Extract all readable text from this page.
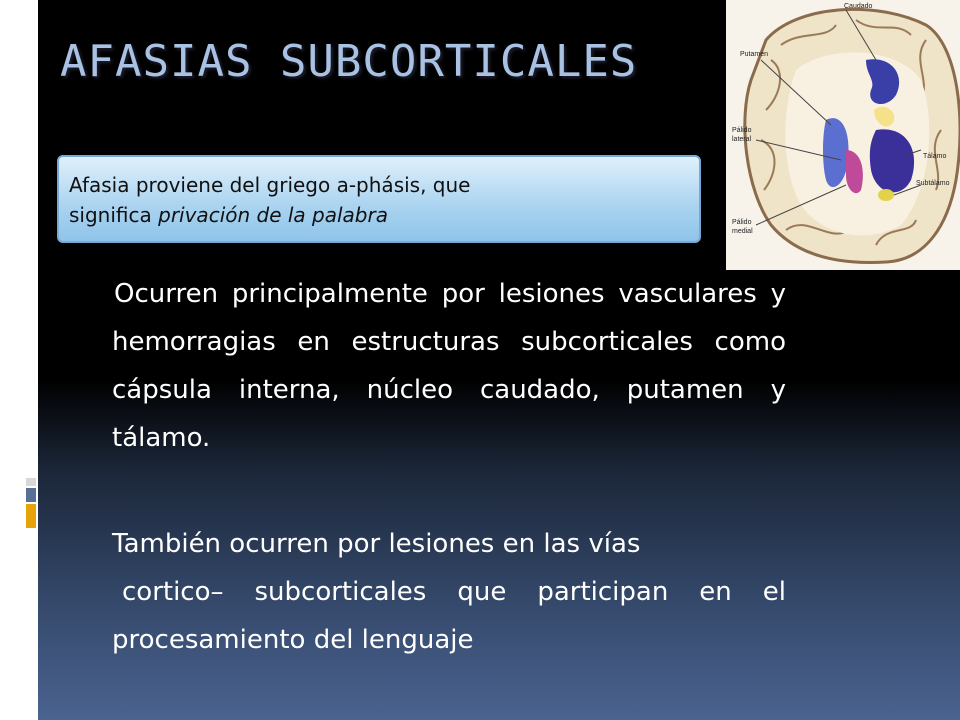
AFASIAS SUBCORTICALES
Afasia proviene del griego a-phásis, que
significa privación de la palabra
Caudado
Putamen
Pálido
lateral
Tálamo
Subtálamo
Pálido
medial

Ocurren principalmente por lesiones vasculares y hemorragias en estructuras subcorticales como cápsula interna, núcleo caudado, putamen y tálamo.

También ocurren por lesiones en las vías

cortico– subcorticales que participan en el procesamiento del lenguaje
